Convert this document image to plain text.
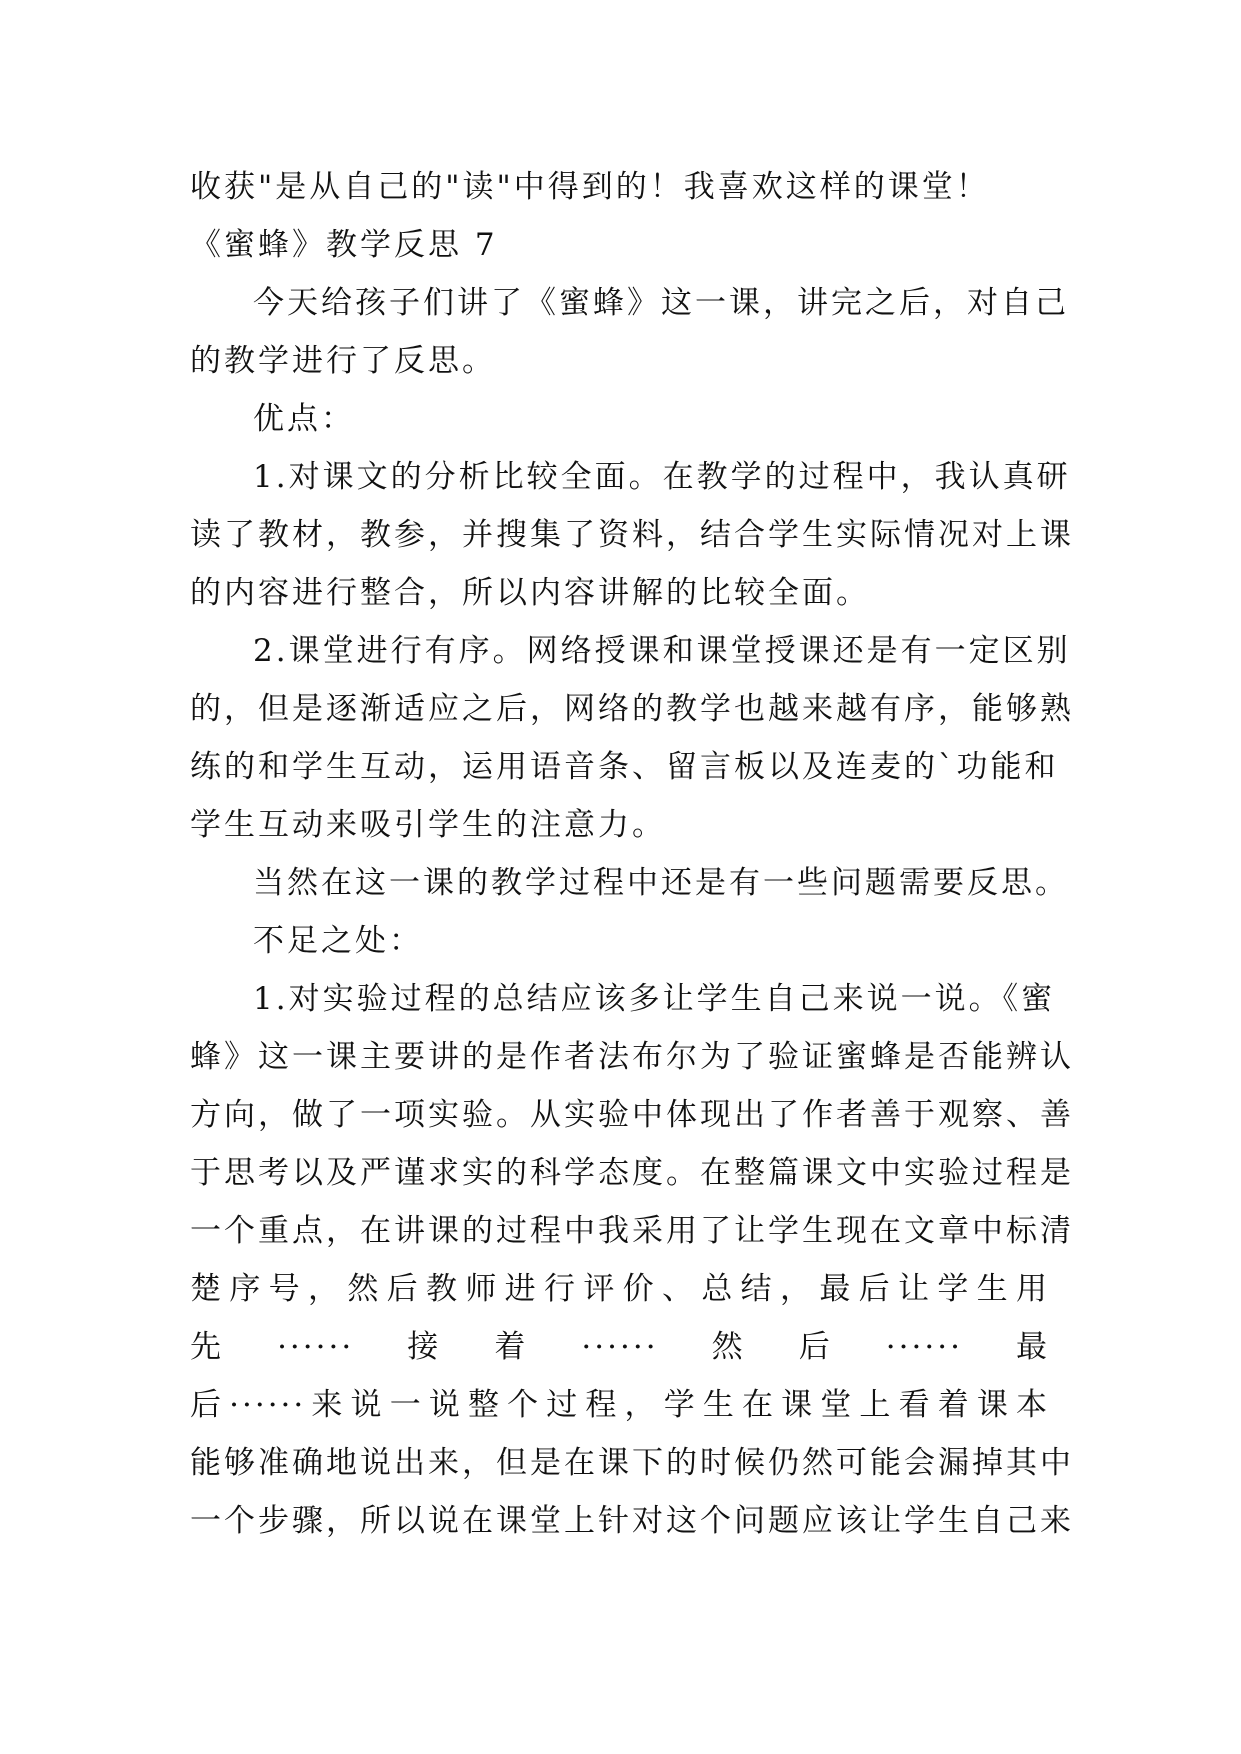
收获"是从自己的"读"中得到的！我喜欢这样的课堂！
《蜜蜂》教学反思 7
今天给孩子们讲了《蜜蜂》这一课，讲完之后，对自己
的教学进行了反思。
优点：
1.对课文的分析比较全面。在教学的过程中，我认真研
读了教材，教参，并搜集了资料，结合学生实际情况对上课
的内容进行整合，所以内容讲解的比较全面。
2.课堂进行有序。网络授课和课堂授课还是有一定区别
的，但是逐渐适应之后，网络的教学也越来越有序，能够熟
练的和学生互动，运用语音条、留言板以及连麦的`功能和
学生互动来吸引学生的注意力。
当然在这一课的教学过程中还是有一些问题需要反思。
不足之处：
1.对实验过程的总结应该多让学生自己来说一说。《蜜
蜂》这一课主要讲的是作者法布尔为了验证蜜蜂是否能辨认
方向，做了一项实验。从实验中体现出了作者善于观察、善
于思考以及严谨求实的科学态度。在整篇课文中实验过程是
一个重点，在讲课的过程中我采用了让学生现在文章中标清
楚序号，然后教师进行评价、总结，最后让学生用
先······接着······然后······最
后······来说一说整个过程，学生在课堂上看着课本
能够准确地说出来，但是在课下的时候仍然可能会漏掉其中
一个步骤，所以说在课堂上针对这个问题应该让学生自己来
